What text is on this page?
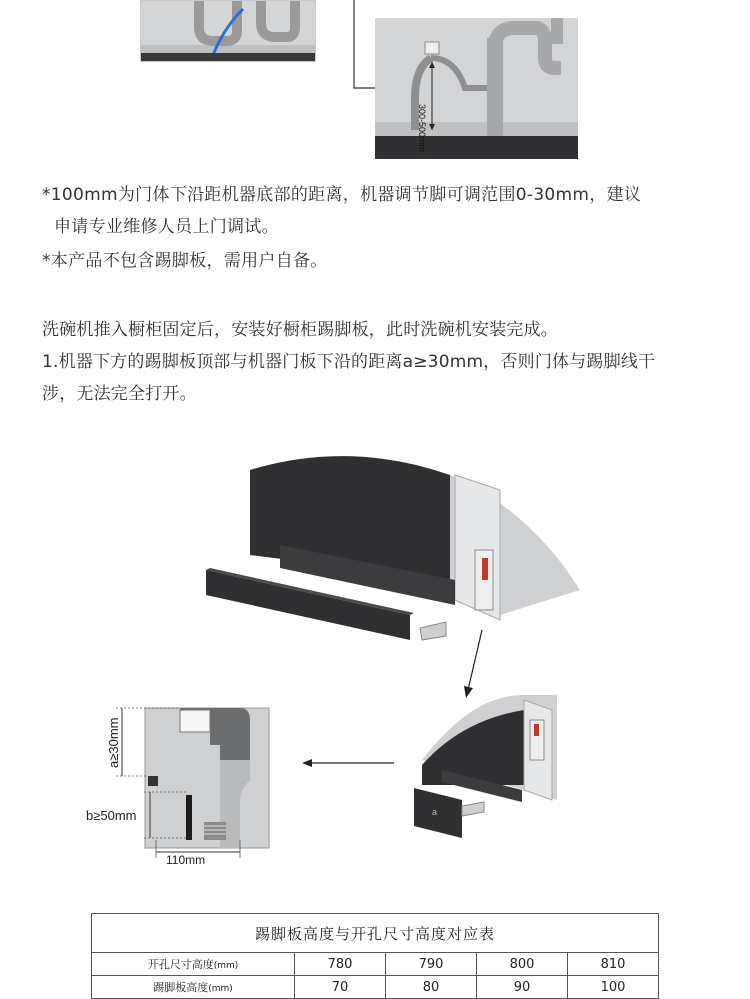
300-500mm
*100mm为门体下沿距机器底部的距离，机器调节脚可调范围0-30mm，建议
申请专业维修人员上门调试。
*本产品不包含踢脚板，需用户自备。
洗碗机推入橱柜固定后，安装好橱柜踢脚板，此时洗碗机安装完成。
1.机器下方的踢脚板顶部与机器门板下沿的距离a≥30mm，否则门体与踢脚线干
涉，无法完全打开。
a
a≥30mm
b≥50mm
110mm
踢脚板高度与开孔尺寸高度对应表				
开孔尺寸高度(mm)	780	790	800	810
踢脚板高度(mm)	70	80	90	100
